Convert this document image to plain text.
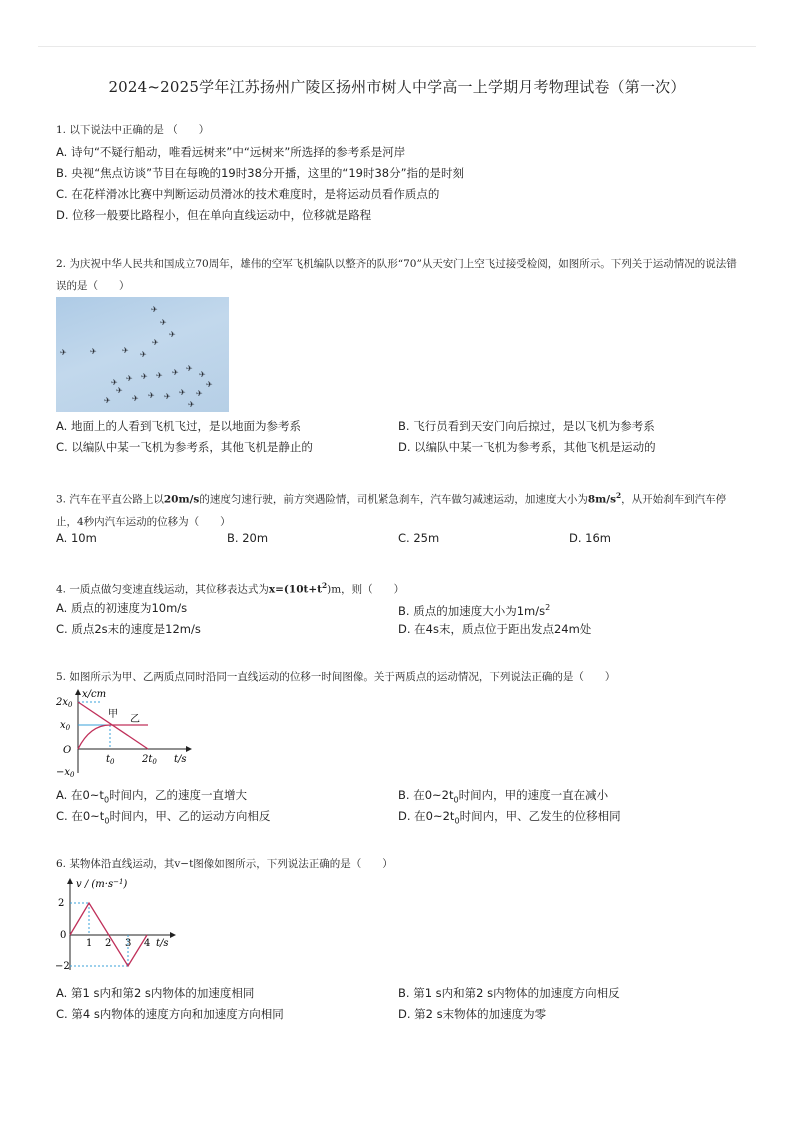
2024~2025学年江苏扬州广陵区扬州市树人中学高一上学期月考物理试卷（第一次）
1. 以下说法中正确的是 （　　）
A. 诗句“不疑行船动，唯看远树来”中“远树来”所选择的参考系是河岸
B. 央视“焦点访谈”节目在每晚的19时38分开播，这里的“19时38分”指的是时刻
C. 在花样滑冰比赛中判断运动员滑冰的技术难度时，是将运动员看作质点的
D. 位移一般要比路程小，但在单向直线运动中，位移就是路程
2. 为庆祝中华人民共和国成立70周年，雄伟的空军飞机编队以整齐的队形“70”从天安门上空飞过接受检阅，如图所示。下列关于运动情况的说法错误的是（　　）
✈
✈
✈
✈
✈	✈	✈ ✈
✈
✈
✈
✈
✈
✈
✈
✈
✈
✈
✈
✈
✈
✈
✈	✈
A. 地面上的人看到飞机飞过，是以地面为参考系	B. 飞行员看到天安门向后掠过，是以飞机为参考系
C. 以编队中某一飞机为参考系，其他飞机是静止的	D. 以编队中某一飞机为参考系，其他飞机是运动的
3. 汽车在平直公路上以20m/s的速度匀速行驶，前方突遇险情，司机紧急刹车，汽车做匀减速运动，加速度大小为$8m/s^2$，从开始刹车到汽车停止，4秒内汽车运动的位移为（　　）
A. 10m	B. 20m	C. 25m	D. 16m
4. 一质点做匀变速直线运动，其位移表达式为$x=(10t+t^2)m$，则（　　）
A. 质点的初速度为10m/s	B. 质点的加速度大小为$1m/s^2$
C. 质点2s末的速度是12m/s	D. 在4s末，质点位于距出发点24m处
5. 如图所示为甲、乙两质点同时沿同一直线运动的位移一时间图像。关于两质点的运动情况，下列说法正确的是（　　）
x/cm
$2x_0$
$x_0$
O
$-x_0$
$t_0$	$2t_0$ t/s
甲 乙
A. 在$0\sim t_0$时间内，乙的速度一直增大	B. 在$0\sim 2t_0$时间内，甲的速度一直在减小
C. 在$0\sim t_0$时间内，甲、乙的运动方向相反	D. 在$0\sim 2t_0$时间内，甲、乙发生的位移相同
6. 某物体沿直线运动，其v−t图像如图所示，下列说法正确的是（　　）
$v / (m\cdot s^{-1})$
2
0
−2
1 2 3 4 t/s
A. 第1 s内和第2 s内物体的加速度相同	B. 第1 s内和第2 s内物体的加速度方向相反
C. 第4 s内物体的速度方向和加速度方向相同	D. 第2 s末物体的加速度为零
